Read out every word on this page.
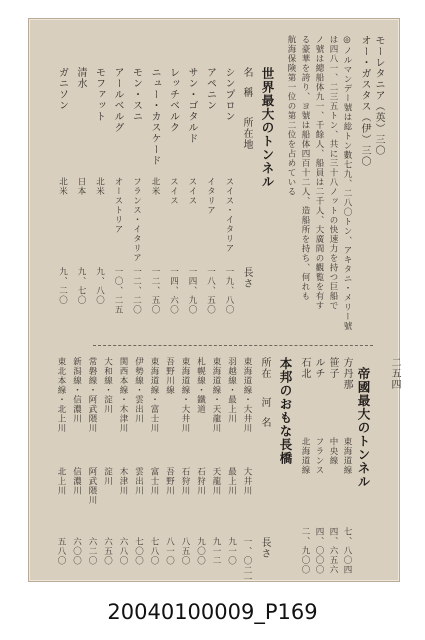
モーレタニア（英）三〇
オー・ガスタス（伊）三〇
◎ノルマンデー號は総トン數七九、二八〇トン、アキタニ・メリー號
は四八一、二三五トン、共に三十八ノットの快速力を持つ巨船で
ノ號は總船体九一、千餘人、船員は二千人、大廣間の觀覧を有す
る豪華を誇り、ヨ號は船体四百十二人、造船所を持ち、何れも
航海保険第一位の第二位を占めている
世界最大のトンネル
名
稱
所在地
長さ
シンプロン
スイス・イタリア
一九、八〇
アペニン
イタリア
一八、五〇
サン・ゴタルド
スイス
一四、九〇
レッチベルク
スイス
一四、六〇
ニュー・カスケード
北米
一二、五〇
モン・スニ
フランス・イタリア
一二、二〇
アールベルグ
オーストリア
一〇、二五
モファット
北米
九、八〇
清水
日本
九、七〇
ガニソン
北米
九、二〇
二五四
帝國最大のトンネル
方丹那
東海道線
七、八〇四
笹子
中央線
四、六五六
ルチ
フランス
四、〇〇〇
石北
北海道線
二、九〇〇
本邦のおもな長橋
所在
河
名
長さ
東海道線・大井川
大井川
一、〇二一
羽越線・最上川
最上川
九一〇
東海道線・天龍川
天龍川
九一二
札幌線・鐵道
石狩川
九〇〇
東海道線・大井川
石狩川
八五〇
吾野川線
吾野川
八一〇
東海道線・富士川
富士川
七八〇
伊勢線・雲出川
雲出川
七〇〇
関西本線・木津川
木津川
六八〇
大和線・淀川
淀川
六五〇
常磐線・阿武隈川
阿武隈川
六二〇
新潟線・信濃川
信濃川
六〇〇
東北本線・北上川
北上川
五八〇
20040100009_P169
